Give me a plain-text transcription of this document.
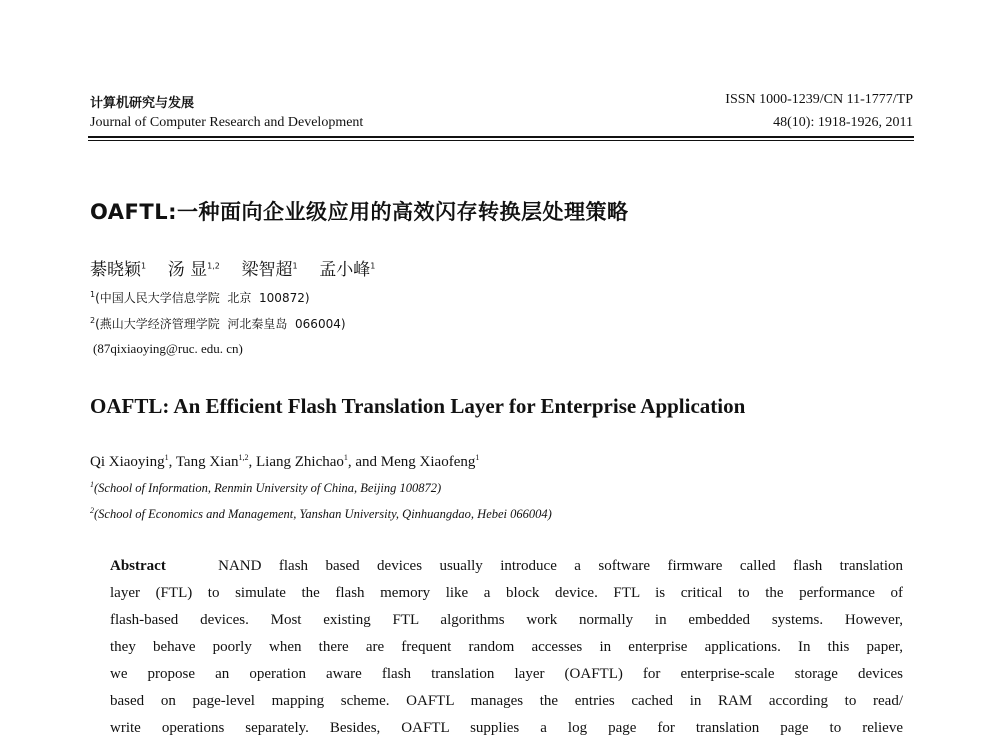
计算机研究与发展
Journal of Computer Research and Development
ISSN 1000-1239/CN 11-1777/TP
48(10): 1918-1926, 2011
OAFTL:一种面向企业级应用的高效闪存转换层处理策略
綦晓颖$^1$ 汤 显$^{1,2}$ 梁智超$^1$ 孟小峰$^1$
$^1$(中国人民大学信息学院  北京  100872)
$^2$(燕山大学经济管理学院  河北秦皇岛  066004)
(87qixiaoying@ruc. edu. cn)
OAFTL: An Efficient Flash Translation Layer for Enterprise Application
Qi Xiaoying$^1$, Tang Xian$^{1,2}$, Liang Zhichao$^1$, and Meng Xiaofeng$^1$
$^1$(School of Information, Renmin University of China, Beijing 100872)
$^2$(School of Economics and Management, Yanshan University, Qinhuangdao, Hebei 066004)
Abstract	NAND flash based devices usually introduce a software firmware called flash translation
layer (FTL) to simulate the flash memory like a block device. FTL is critical to the performance of
flash-based devices. Most existing FTL algorithms work normally in embedded systems. However,
they behave poorly when there are frequent random accesses in enterprise applications. In this paper,
we propose an operation aware flash translation layer (OAFTL) for enterprise-scale storage devices
based on page-level mapping scheme. OAFTL manages the entries cached in RAM according to read/
write operations separately. Besides, OAFTL supplies a log page for translation page to relieve
